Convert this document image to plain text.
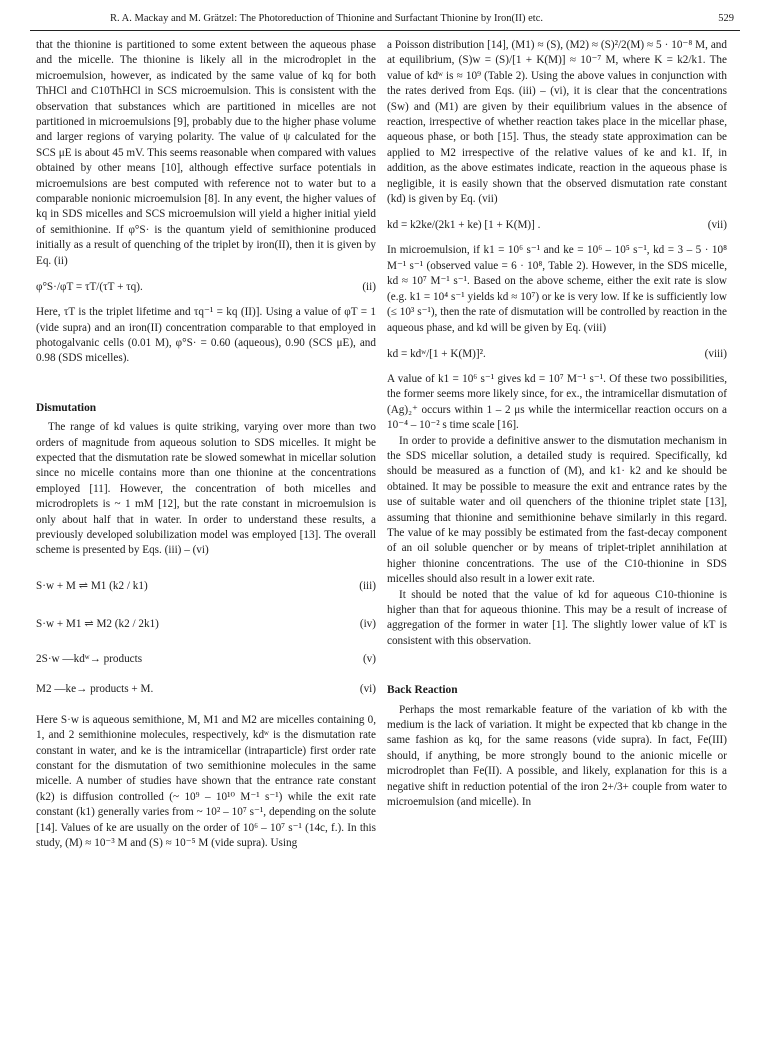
R. A. Mackay and M. Grätzel: The Photoreduction of Thionine and Surfactant Thionine by Iron(II) etc.	529

that the thionine is partitioned to some extent between the aqueous phase and the micelle. The thionine is likely all in the microdroplet in the microemulsion, however, as indicated by the same value of kq for both ThHCl and C10ThHCl in SCS microemulsion. This is consistent with the observation that substances which are partitioned in micelles are not partitioned in microemulsions [9], probably due to the higher phase volume and larger regions of varying polarity. The value of ψ calculated for the SCS μE is about 45 mV. This seems reasonable when compared with values obtained by other means [10], although effective surface potentials in microemulsions are best computed with reference not to water but to a comparable nonionic microemulsion [8]. In any event, the higher values of kq in SDS micelles and SCS microemulsion will yield a higher initial yield of semithionine. If φ°S· is the quantum yield of semithionine produced initially as a result of quenching of the triplet by iron(II), then it is given by Eq. (ii)

φ°S·/φT = τT/(τT + τq).	(ii)

Here, τT is the triplet lifetime and τq⁻¹ = kq (II)]. Using a value of φT = 1 (vide supra) and an iron(II) concentration comparable to that employed in photogalvanic cells (0.01 M), φ°S· = 0.60 (aqueous), 0.90 (SCS μE), and 0.98 (SDS micelles).

Dismutation

The range of kd values is quite striking, varying over more than two orders of magnitude from aqueous solution to SDS micelles. It might be expected that the dismutation rate be slowed somewhat in micellar solution since no micelle contains more than one thionine at the concentrations employed [11]. However, the concentration of both micelles and microdroplets is ~ 1 mM [12], but the rate constant in microemulsion is only about half that in water. In order to understand these results, a previously developed solubilization model was employed [13]. The overall scheme is presented by Eqs. (iii) – (vi)

S·w + M ⇌ M1 (k2 / k1)	(iii)
S·w + M1 ⇌ M2 (k2 / 2k1)	(iv)
2S·w —kdʷ→ products	(v)
M2 —ke→ products + M.	(vi)

Here S·w is aqueous semithione, M, M1 and M2 are micelles containing 0, 1, and 2 semithionine molecules, respectively, kdʷ is the dismutation rate constant in water, and ke is the intramicellar (intraparticle) first order rate constant for the dismutation of two semithionine molecules in the same micelle. A number of studies have shown that the entrance rate constant (k2) is diffusion controlled (~ 10⁹ – 10¹⁰ M⁻¹ s⁻¹) while the exit rate constant (k1) generally varies from ~ 10² – 10⁷ s⁻¹, depending on the solute [14]. Values of ke are usually on the order of 10⁶ – 10⁷ s⁻¹ (14c, f.). In this study, (M) ≈ 10⁻³ M and (S) ≈ 10⁻⁵ M (vide supra). Using

a Poisson distribution [14], (M1) ≈ (S), (M2) ≈ (S)²/2(M) ≈ 5 · 10⁻⁸ M, and at equilibrium, (S)w = (S)/[1 + K(M)] ≈ 10⁻⁷ M, where K = k2/k1. The value of kdʷ is ≈ 10⁹ (Table 2). Using the above values in conjunction with the rates derived from Eqs. (iii) – (vi), it is clear that the concentrations (Sw) and (M1) are given by their equilibrium values in the absence of reaction, irrespective of whether reaction takes place in the micellar phase, aqueous phase, or both [15]. Thus, the steady state approximation can be applied to M2 irrespective of the relative values of ke and k1. If, in addition, as the above estimates indicate, reaction in the aqueous phase is negligible, it is easily shown that the observed dismutation rate constant (kd) is given by Eq. (vii)

kd = k2ke/(2k1 + ke) [1 + K(M)] .	(vii)

In microemulsion, if k1 = 10⁶ s⁻¹ and ke = 10⁶ – 10⁵ s⁻¹, kd = 3 – 5 · 10⁸ M⁻¹ s⁻¹ (observed value = 6 · 10⁸, Table 2). However, in the SDS micelle, kd ≈ 10⁷ M⁻¹ s⁻¹. Based on the above scheme, either the exit rate is slow (e.g. k1 = 10⁴ s⁻¹ yields kd ≈ 10⁷) or ke is very low. If ke is sufficiently low (≤ 10³ s⁻¹), then the rate of dismutation will be controlled by reaction in the aqueous phase, and kd will be given by Eq. (viii)

kd = kdʷ/[1 + K(M)]².	(viii)

A value of k1 = 10⁶ s⁻¹ gives kd = 10⁷ M⁻¹ s⁻¹. Of these two possibilities, the former seems more likely since, for ex., the intramicellar dismutation of (Ag)₂⁺ occurs within 1 – 2 μs while the intermicellar reaction occurs on a 10⁻⁴ – 10⁻² s time scale [16].

In order to provide a definitive answer to the dismutation mechanism in the SDS micellar solution, a detailed study is required. Specifically, kd should be measured as a function of (M), and k1· k2 and ke should be obtained. It may be possible to measure the exit and entrance rates by the use of suitable water and oil quenchers of the thionine triplet state [13], assuming that thionine and semithionine behave similarly in this regard. The value of ke may possibly be estimated from the fast-decay component of an oil soluble quencher or by means of triplet-triplet annihilation at higher thionine concentrations. The use of the C10-thionine in SDS micelles should also result in a lower exit rate.

It should be noted that the value of kd for aqueous C10-thionine is higher than that for aqueous thionine. This may be a result of increase of aggregation of the former in water [1]. The slightly lower value of kT is consistent with this observation.

Back Reaction

Perhaps the most remarkable feature of the variation of kb with the medium is the lack of variation. It might be expected that kb change in the same fashion as kq, for the same reasons (vide supra). In fact, Fe(III) should, if anything, be more strongly bound to the anionic micelle or microdroplet than Fe(II). A possible, and likely, explanation for this is a negative shift in reduction potential of the iron 2+/3+ couple from water to microemulsion (and micelle). In
